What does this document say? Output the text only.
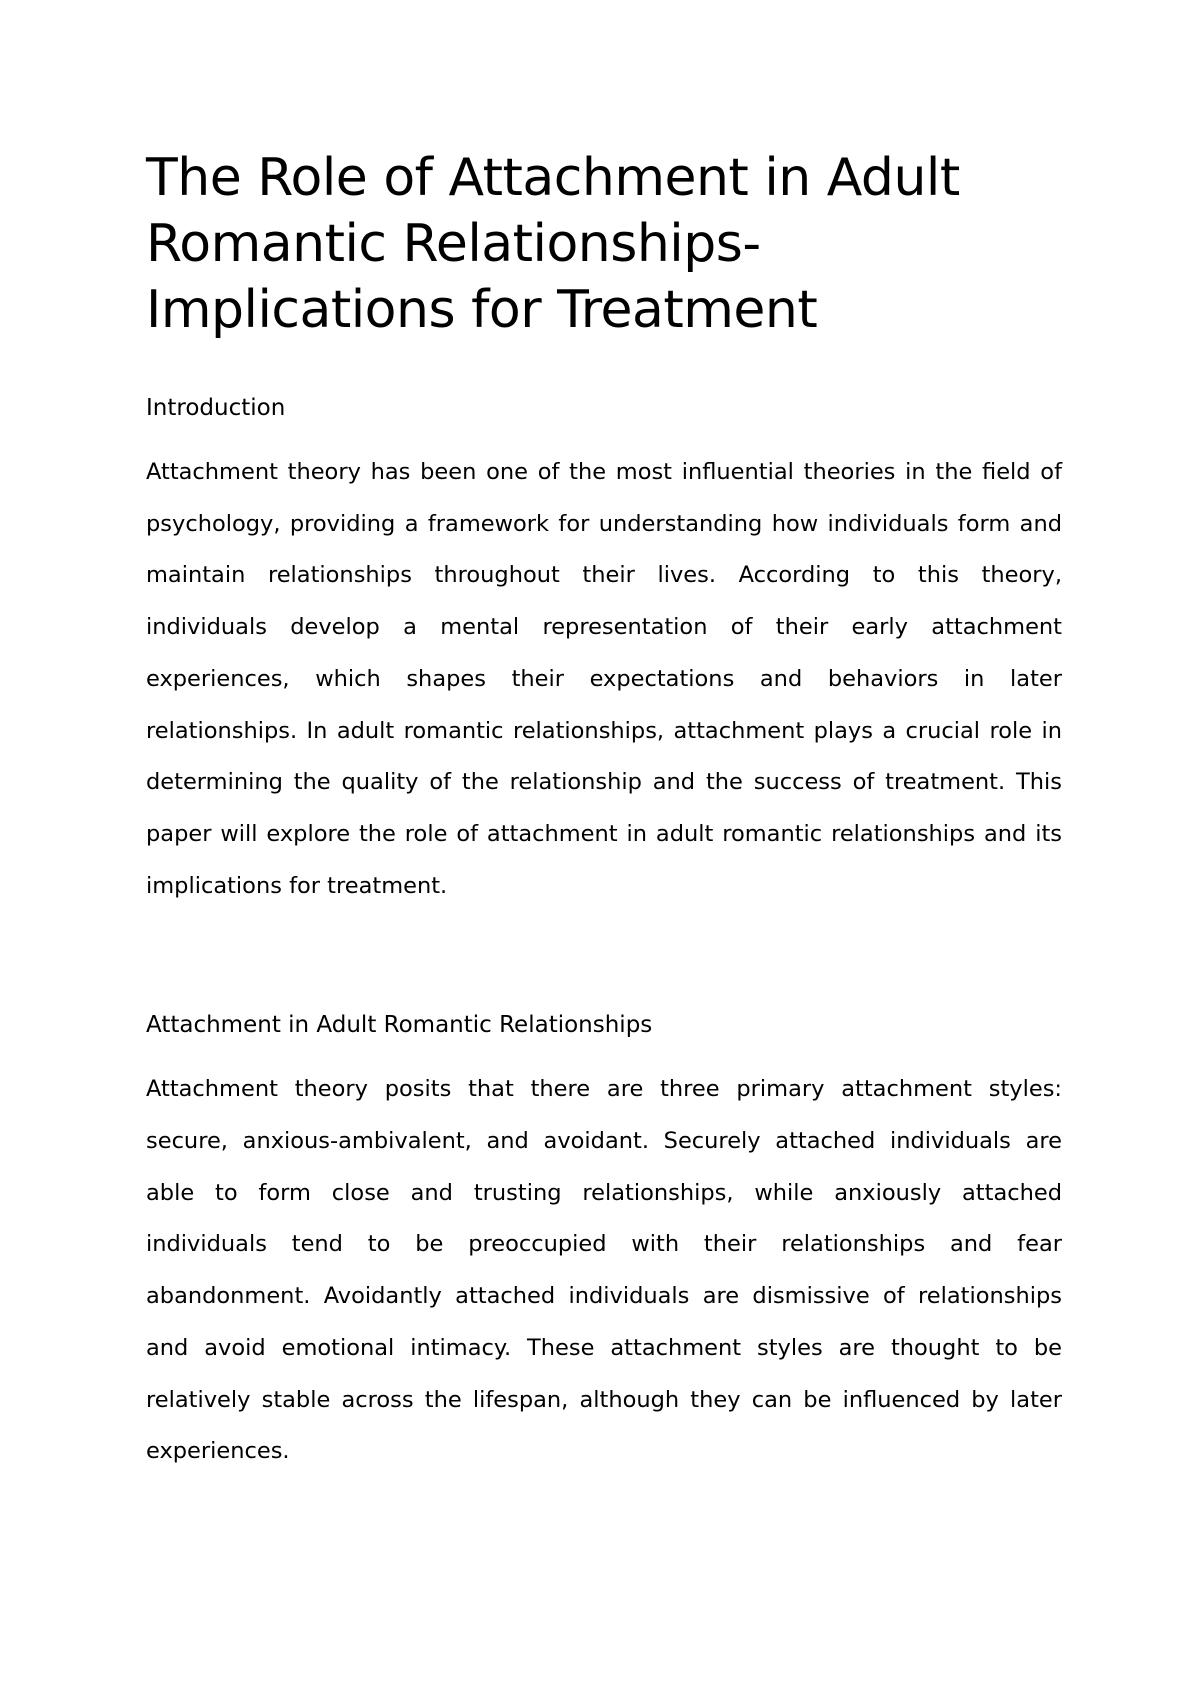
The Role of Attachment in Adult
Romantic Relationships-
Implications for Treatment
Introduction

Attachment theory has been one of the most influential theories in the field of psychology, providing a framework for understanding how individuals form and maintain relationships throughout their lives. According to this theory, individuals develop a mental representation of their early attachment experiences, which shapes their expectations and behaviors in later relationships. In adult romantic relationships, attachment plays a crucial role in determining the quality of the relationship and the success of treatment. This paper will explore the role of attachment in adult romantic relationships and its implications for treatment.

Attachment in Adult Romantic Relationships

Attachment theory posits that there are three primary attachment styles: secure, anxious-ambivalent, and avoidant. Securely attached individuals are able to form close and trusting relationships, while anxiously attached individuals tend to be preoccupied with their relationships and fear abandonment. Avoidantly attached individuals are dismissive of relationships and avoid emotional intimacy. These attachment styles are thought to be relatively stable across the lifespan, although they can be influenced by later experiences.
